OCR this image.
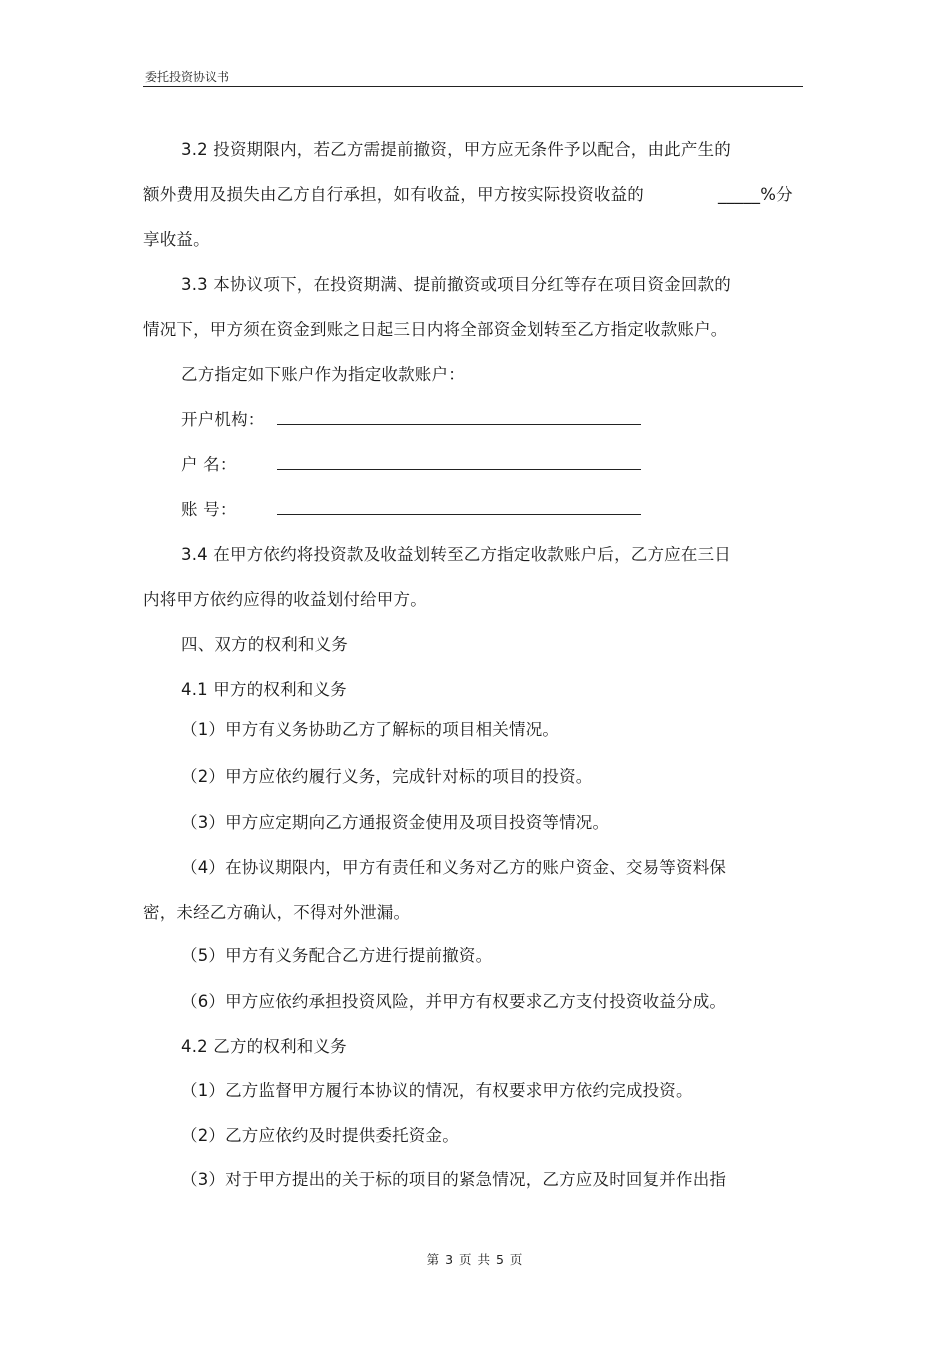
委托投资协议书
3.2 投资期限内，若乙方需提前撤资，甲方应无条件予以配合，由此产生的
额外费用及损失由乙方自行承担，如有收益，甲方按实际投资收益的	_____%分
享收益。
3.3 本协议项下，在投资期满、提前撤资或项目分红等存在项目资金回款的
情况下，甲方须在资金到账之日起三日内将全部资金划转至乙方指定收款账户。
乙方指定如下账户作为指定收款账户：
开户机构：
户 名：
账 号：
3.4 在甲方依约将投资款及收益划转至乙方指定收款账户后，乙方应在三日
内将甲方依约应得的收益划付给甲方。
四、双方的权利和义务
4.1 甲方的权利和义务
（1）甲方有义务协助乙方了解标的项目相关情况。
（2）甲方应依约履行义务，完成针对标的项目的投资。
（3）甲方应定期向乙方通报资金使用及项目投资等情况。
（4）在协议期限内，甲方有责任和义务对乙方的账户资金、交易等资料保
密，未经乙方确认，不得对外泄漏。
（5）甲方有义务配合乙方进行提前撤资。
（6）甲方应依约承担投资风险，并甲方有权要求乙方支付投资收益分成。
4.2 乙方的权利和义务
（1）乙方监督甲方履行本协议的情况，有权要求甲方依约完成投资。
（2）乙方应依约及时提供委托资金。
（3）对于甲方提出的关于标的项目的紧急情况，乙方应及时回复并作出指
第 3 页 共 5 页
